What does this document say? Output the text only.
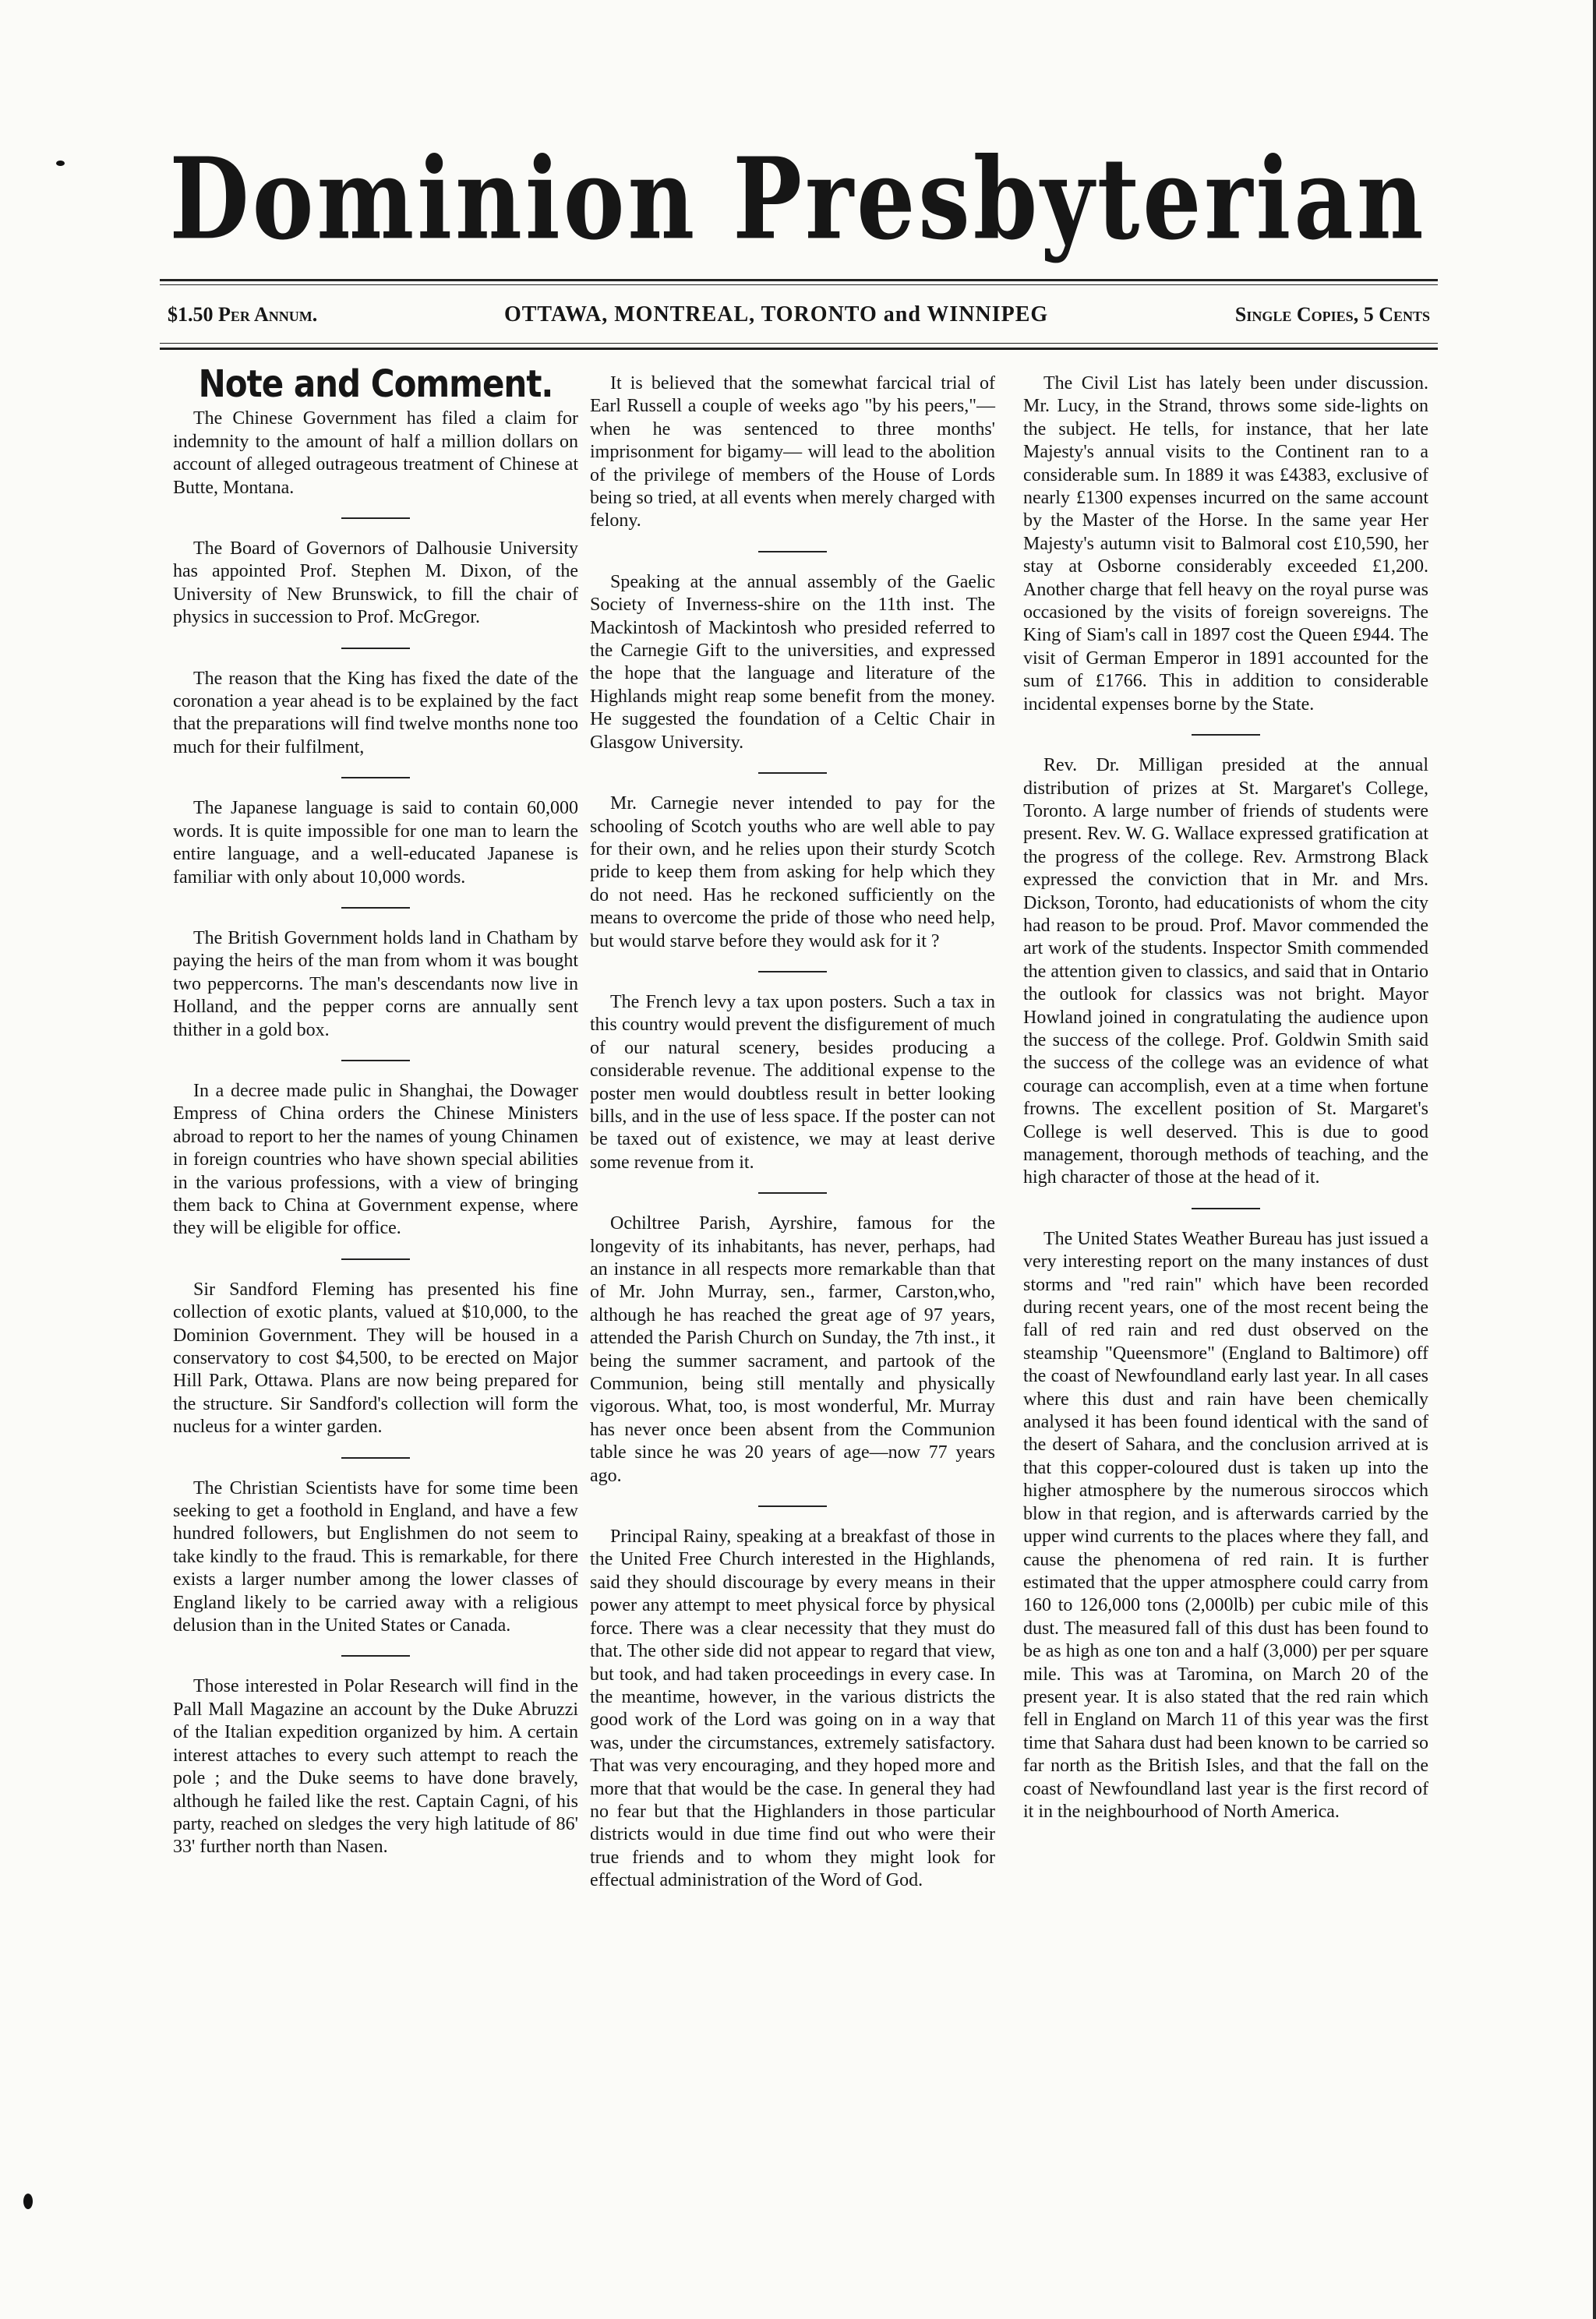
Dominion Presbyterian
$1.50 Per Annum.	OTTAWA, MONTREAL, TORONTO and WINNIPEG	Single Copies, 5 Cents
Note and Comment.

The Chinese Government has filed a claim for indemnity to the amount of half a million dollars on account of alleged outrageous treatment of Chinese at Butte, Montana.

The Board of Governors of Dalhousie University has appointed Prof. Stephen M. Dixon, of the University of New Brunswick, to fill the chair of physics in succession to Prof. McGregor.

The reason that the King has fixed the date of the coronation a year ahead is to be explained by the fact that the preparations will find twelve months none too much for their fulfilment,

The Japanese language is said to contain 60,000 words. It is quite impossible for one man to learn the entire language, and a well-educated Japanese is familiar with only about 10,000 words.

The British Government holds land in Chatham by paying the heirs of the man from whom it was bought two peppercorns. The man's descendants now live in Holland, and the pepper corns are annually sent thither in a gold box.

In a decree made pulic in Shanghai, the Dowager Empress of China orders the Chinese Ministers abroad to report to her the names of young Chinamen in foreign countries who have shown special abilities in the various professions, with a view of bringing them back to China at Government expense, where they will be eligible for office.

Sir Sandford Fleming has presented his fine collection of exotic plants, valued at $10,000, to the Dominion Government. They will be housed in a conservatory to cost $4,500, to be erected on Major Hill Park, Ottawa. Plans are now being prepared for the structure. Sir Sandford's collection will form the nucleus for a winter garden.

The Christian Scientists have for some time been seeking to get a foothold in England, and have a few hundred followers, but Englishmen do not seem to take kindly to the fraud. This is remarkable, for there exists a larger number among the lower classes of England likely to be carried away with a religious delusion than in the United States or Canada.

Those interested in Polar Research will find in the Pall Mall Magazine an account by the Duke Abruzzi of the Italian expedition organized by him. A certain interest attaches to every such attempt to reach the pole ; and the Duke seems to have done bravely, although he failed like the rest. Captain Cagni, of his party, reached on sledges the very high latitude of 86' 33' further north than Nasen.

It is believed that the somewhat farcical trial of Earl Russell a couple of weeks ago "by his peers,"— when he was sentenced to three months' imprisonment for bigamy— will lead to the abolition of the privilege of members of the House of Lords being so tried, at all events when merely charged with felony.

Speaking at the annual assembly of the Gaelic Society of Inverness-shire on the 11th inst. The Mackintosh of Mackintosh who presided referred to the Carnegie Gift to the universities, and expressed the hope that the language and literature of the Highlands might reap some benefit from the money. He suggested the foundation of a Celtic Chair in Glasgow University.

Mr. Carnegie never intended to pay for the schooling of Scotch youths who are well able to pay for their own, and he relies upon their sturdy Scotch pride to keep them from asking for help which they do not need. Has he reckoned sufficiently on the means to overcome the pride of those who need help, but would starve before they would ask for it ?

The French levy a tax upon posters. Such a tax in this country would prevent the disfigurement of much of our natural scenery, besides producing a considerable revenue. The additional expense to the poster men would doubtless result in better looking bills, and in the use of less space. If the poster can not be taxed out of existence, we may at least derive some revenue from it.

Ochiltree Parish, Ayrshire, famous for the longevity of its inhabitants, has never, perhaps, had an instance in all respects more remarkable than that of Mr. John Murray, sen., farmer, Carston,who, although he has reached the great age of 97 years, attended the Parish Church on Sunday, the 7th inst., it being the summer sacrament, and partook of the Communion, being still mentally and physically vigorous. What, too, is most wonderful, Mr. Murray has never once been absent from the Communion table since he was 20 years of age—now 77 years ago.

Principal Rainy, speaking at a breakfast of those in the United Free Church interested in the Highlands, said they should discourage by every means in their power any attempt to meet physical force by physical force. There was a clear necessity that they must do that. The other side did not appear to regard that view, but took, and had taken proceedings in every case. In the meantime, however, in the various districts the good work of the Lord was going on in a way that was, under the circumstances, extremely satisfactory. That was very encouraging, and they hoped more and more that that would be the case. In general they had no fear but that the Highlanders in those particular districts would in due time find out who were their true friends and to whom they might look for effectual administration of the Word of God.

The Civil List has lately been under discussion. Mr. Lucy, in the Strand, throws some side-lights on the subject. He tells, for instance, that her late Majesty's annual visits to the Continent ran to a considerable sum. In 1889 it was £4383, exclusive of nearly £1300 expenses incurred on the same account by the Master of the Horse. In the same year Her Majesty's autumn visit to Balmoral cost £10,590, her stay at Osborne considerably exceeded £1,200. Another charge that fell heavy on the royal purse was occasioned by the visits of foreign sovereigns. The King of Siam's call in 1897 cost the Queen £944. The visit of German Emperor in 1891 accounted for the sum of £1766. This in addition to considerable incidental expenses borne by the State.

Rev. Dr. Milligan presided at the annual distribution of prizes at St. Margaret's College, Toronto. A large number of friends of students were present. Rev. W. G. Wallace expressed gratification at the progress of the college. Rev. Armstrong Black expressed the conviction that in Mr. and Mrs. Dickson, Toronto, had educationists of whom the city had reason to be proud. Prof. Mavor commended the art work of the students. Inspector Smith commended the attention given to classics, and said that in Ontario the outlook for classics was not bright. Mayor Howland joined in congratulating the audience upon the success of the college. Prof. Goldwin Smith said the success of the college was an evidence of what courage can accomplish, even at a time when fortune frowns. The excellent position of St. Margaret's College is well deserved. This is due to good management, thorough methods of teaching, and the high character of those at the head of it.

The United States Weather Bureau has just issued a very interesting report on the many instances of dust storms and "red rain" which have been recorded during recent years, one of the most recent being the fall of red rain and red dust observed on the steamship "Queensmore" (England to Baltimore) off the coast of Newfoundland early last year. In all cases where this dust and rain have been chemically analysed it has been found identical with the sand of the desert of Sahara, and the conclusion arrived at is that this copper-coloured dust is taken up into the higher atmosphere by the numerous siroccos which blow in that region, and is afterwards carried by the upper wind currents to the places where they fall, and cause the phenomena of red rain. It is further estimated that the upper atmosphere could carry from 160 to 126,000 tons (2,000lb) per cubic mile of this dust. The measured fall of this dust has been found to be as high as one ton and a half (3,000) per per square mile. This was at Taromina, on March 20 of the present year. It is also stated that the red rain which fell in England on March 11 of this year was the first time that Sahara dust had been known to be carried so far north as the British Isles, and that the fall on the coast of Newfoundland last year is the first record of it in the neighbourhood of North America.
